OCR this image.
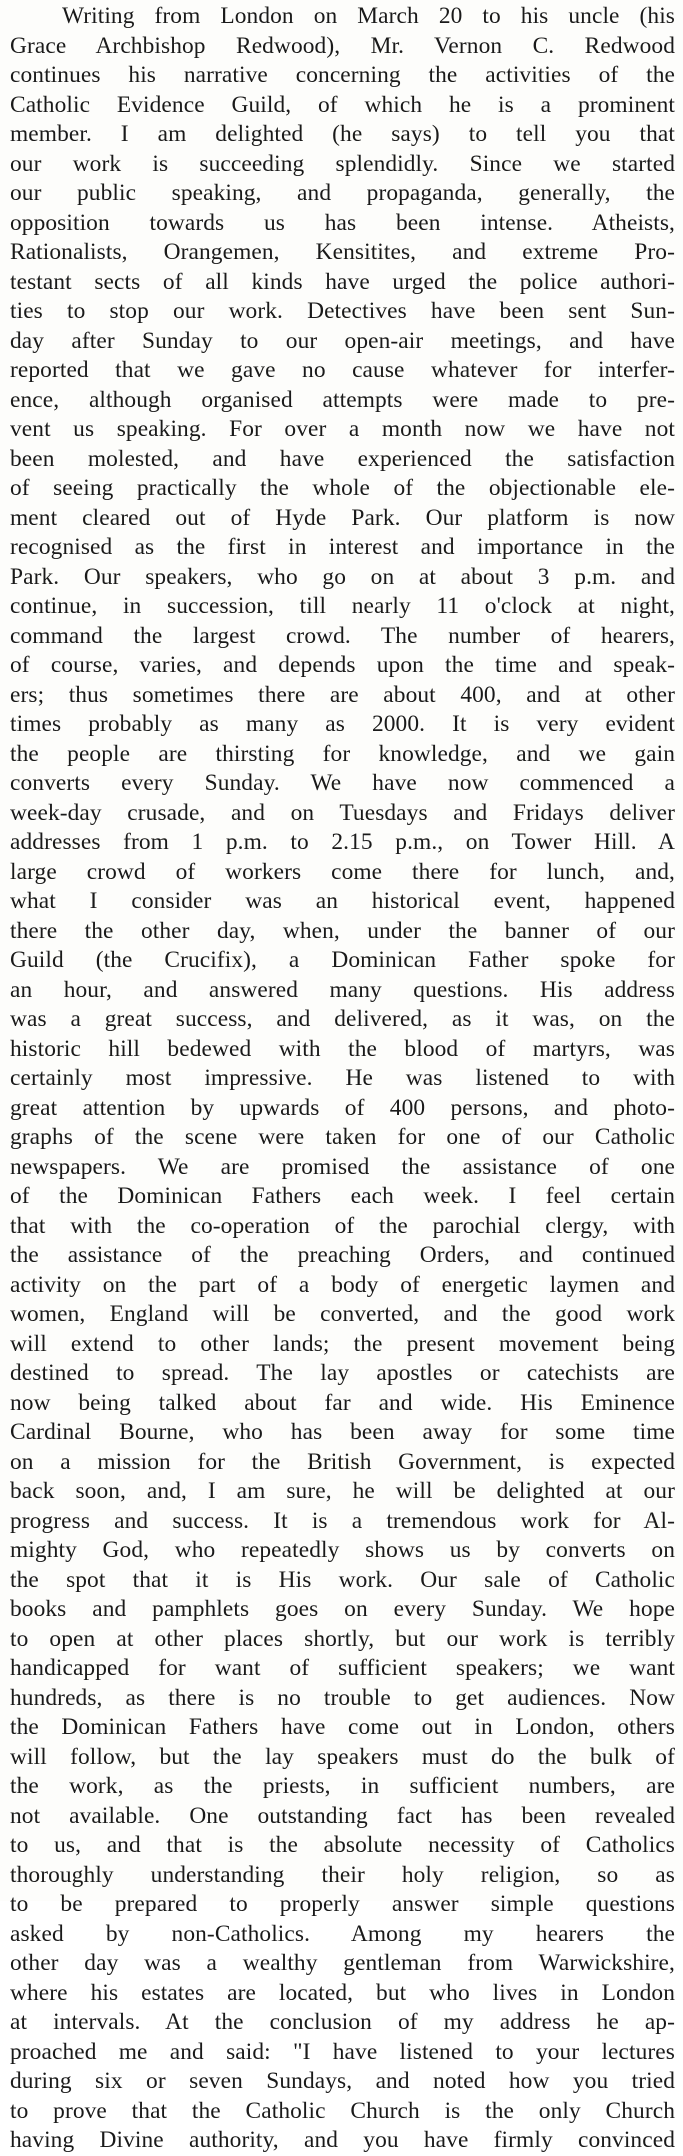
Writing from London on March 20 to his uncle (his
Grace Archbishop Redwood), Mr. Vernon C. Redwood
continues his narrative concerning the activities of the
Catholic Evidence Guild, of which he is a prominent
member. I am delighted (he says) to tell you that
our work is succeeding splendidly. Since we started
our public speaking, and propaganda, generally, the
opposition towards us has been intense. Atheists,
Rationalists, Orangemen, Kensitites, and extreme Pro-
testant sects of all kinds have urged the police authori-
ties to stop our work. Detectives have been sent Sun-
day after Sunday to our open-air meetings, and have
reported that we gave no cause whatever for interfer-
ence, although organised attempts were made to pre-
vent us speaking. For over a month now we have not
been molested, and have experienced the satisfaction
of seeing practically the whole of the objectionable ele-
ment cleared out of Hyde Park. Our platform is now
recognised as the first in interest and importance in the
Park. Our speakers, who go on at about 3 p.m. and
continue, in succession, till nearly 11 o'clock at night,
command the largest crowd. The number of hearers,
of course, varies, and depends upon the time and speak-
ers; thus sometimes there are about 400, and at other
times probably as many as 2000. It is very evident
the people are thirsting for knowledge, and we gain
converts every Sunday. We have now commenced a
week-day crusade, and on Tuesdays and Fridays deliver
addresses from 1 p.m. to 2.15 p.m., on Tower Hill. A
large crowd of workers come there for lunch, and,
what I consider was an historical event, happened
there the other day, when, under the banner of our
Guild (the Crucifix), a Dominican Father spoke for
an hour, and answered many questions. His address
was a great success, and delivered, as it was, on the
historic hill bedewed with the blood of martyrs, was
certainly most impressive. He was listened to with
great attention by upwards of 400 persons, and photo-
graphs of the scene were taken for one of our Catholic
newspapers. We are promised the assistance of one
of the Dominican Fathers each week. I feel certain
that with the co-operation of the parochial clergy, with
the assistance of the preaching Orders, and continued
activity on the part of a body of energetic laymen and
women, England will be converted, and the good work
will extend to other lands; the present movement being
destined to spread. The lay apostles or catechists are
now being talked about far and wide. His Eminence
Cardinal Bourne, who has been away for some time
on a mission for the British Government, is expected
back soon, and, I am sure, he will be delighted at our
progress and success. It is a tremendous work for Al-
mighty God, who repeatedly shows us by converts on
the spot that it is His work. Our sale of Catholic
books and pamphlets goes on every Sunday. We hope
to open at other places shortly, but our work is terribly
handicapped for want of sufficient speakers; we want
hundreds, as there is no trouble to get audiences. Now
the Dominican Fathers have come out in London, others
will follow, but the lay speakers must do the bulk of
the work, as the priests, in sufficient numbers, are
not available. One outstanding fact has been revealed
to us, and that is the absolute necessity of Catholics
thoroughly understanding their holy religion, so as
to be prepared to properly answer simple questions
asked by non-Catholics. Among my hearers the
other day was a wealthy gentleman from Warwickshire,
where his estates are located, but who lives in London
at intervals. At the conclusion of my address he ap-
proached me and said: "I have listened to your lectures
during six or seven Sundays, and noted how you tried
to prove that the Catholic Church is the only Church
having Divine authority, and you have firmly convinced
